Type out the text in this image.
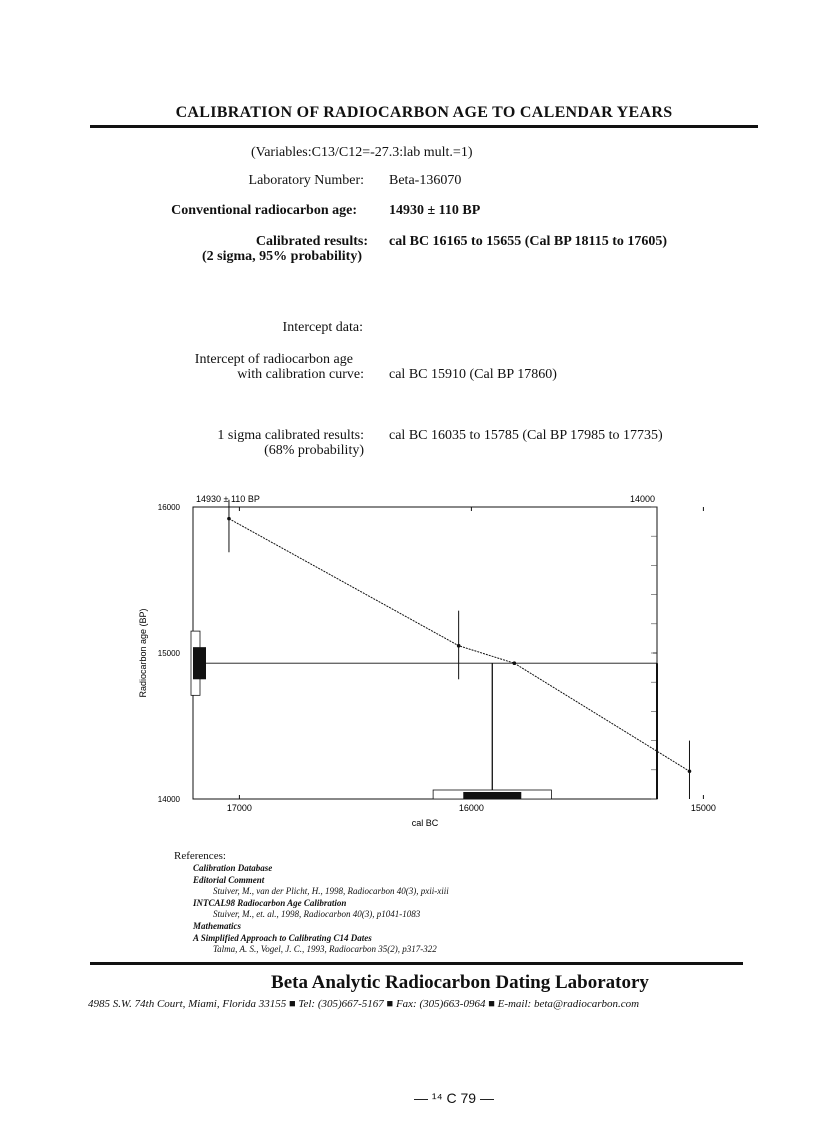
CALIBRATION OF RADIOCARBON AGE TO CALENDAR YEARS
(Variables:C13/C12=-27.3:lab mult.=1)
Laboratory Number: Beta-136070
Conventional radiocarbon age: 14930 ± 110 BP
Calibrated results:
(2 sigma, 95% probability)
cal BC 16165 to 15655 (Cal BP 18115 to 17605)
Intercept data:
Intercept of radiocarbon age
with calibration curve: cal BC 15910 (Cal BP 17860)
1 sigma calibrated results:
(68% probability)
cal BC 16035 to 15785 (Cal BP 17985 to 17735)
14930 ± 110 BP	14000
cal BC
Radiocarbon age (BP)
17000	16000	15000
16000
15000
14000
References:
Calibration Database
Editorial Comment
Stuiver, M., van der Plicht, H., 1998, Radiocarbon 40(3), pxii-xiii
INTCAL98 Radiocarbon Age Calibration
Stuiver, M., et. al., 1998, Radiocarbon 40(3), p1041-1083
Mathematics
A Simplified Approach to Calibrating C14 Dates
Talma, A. S., Vogel, J. C., 1993, Radiocarbon 35(2), p317-322
Beta Analytic Radiocarbon Dating Laboratory
4985 S.W. 74th Court, Miami, Florida 33155 ■ Tel: (305)667-5167 ■ Fax: (305)663-0964 ■ E-mail: beta@radiocarbon.com
— ¹⁴ C 79 —
